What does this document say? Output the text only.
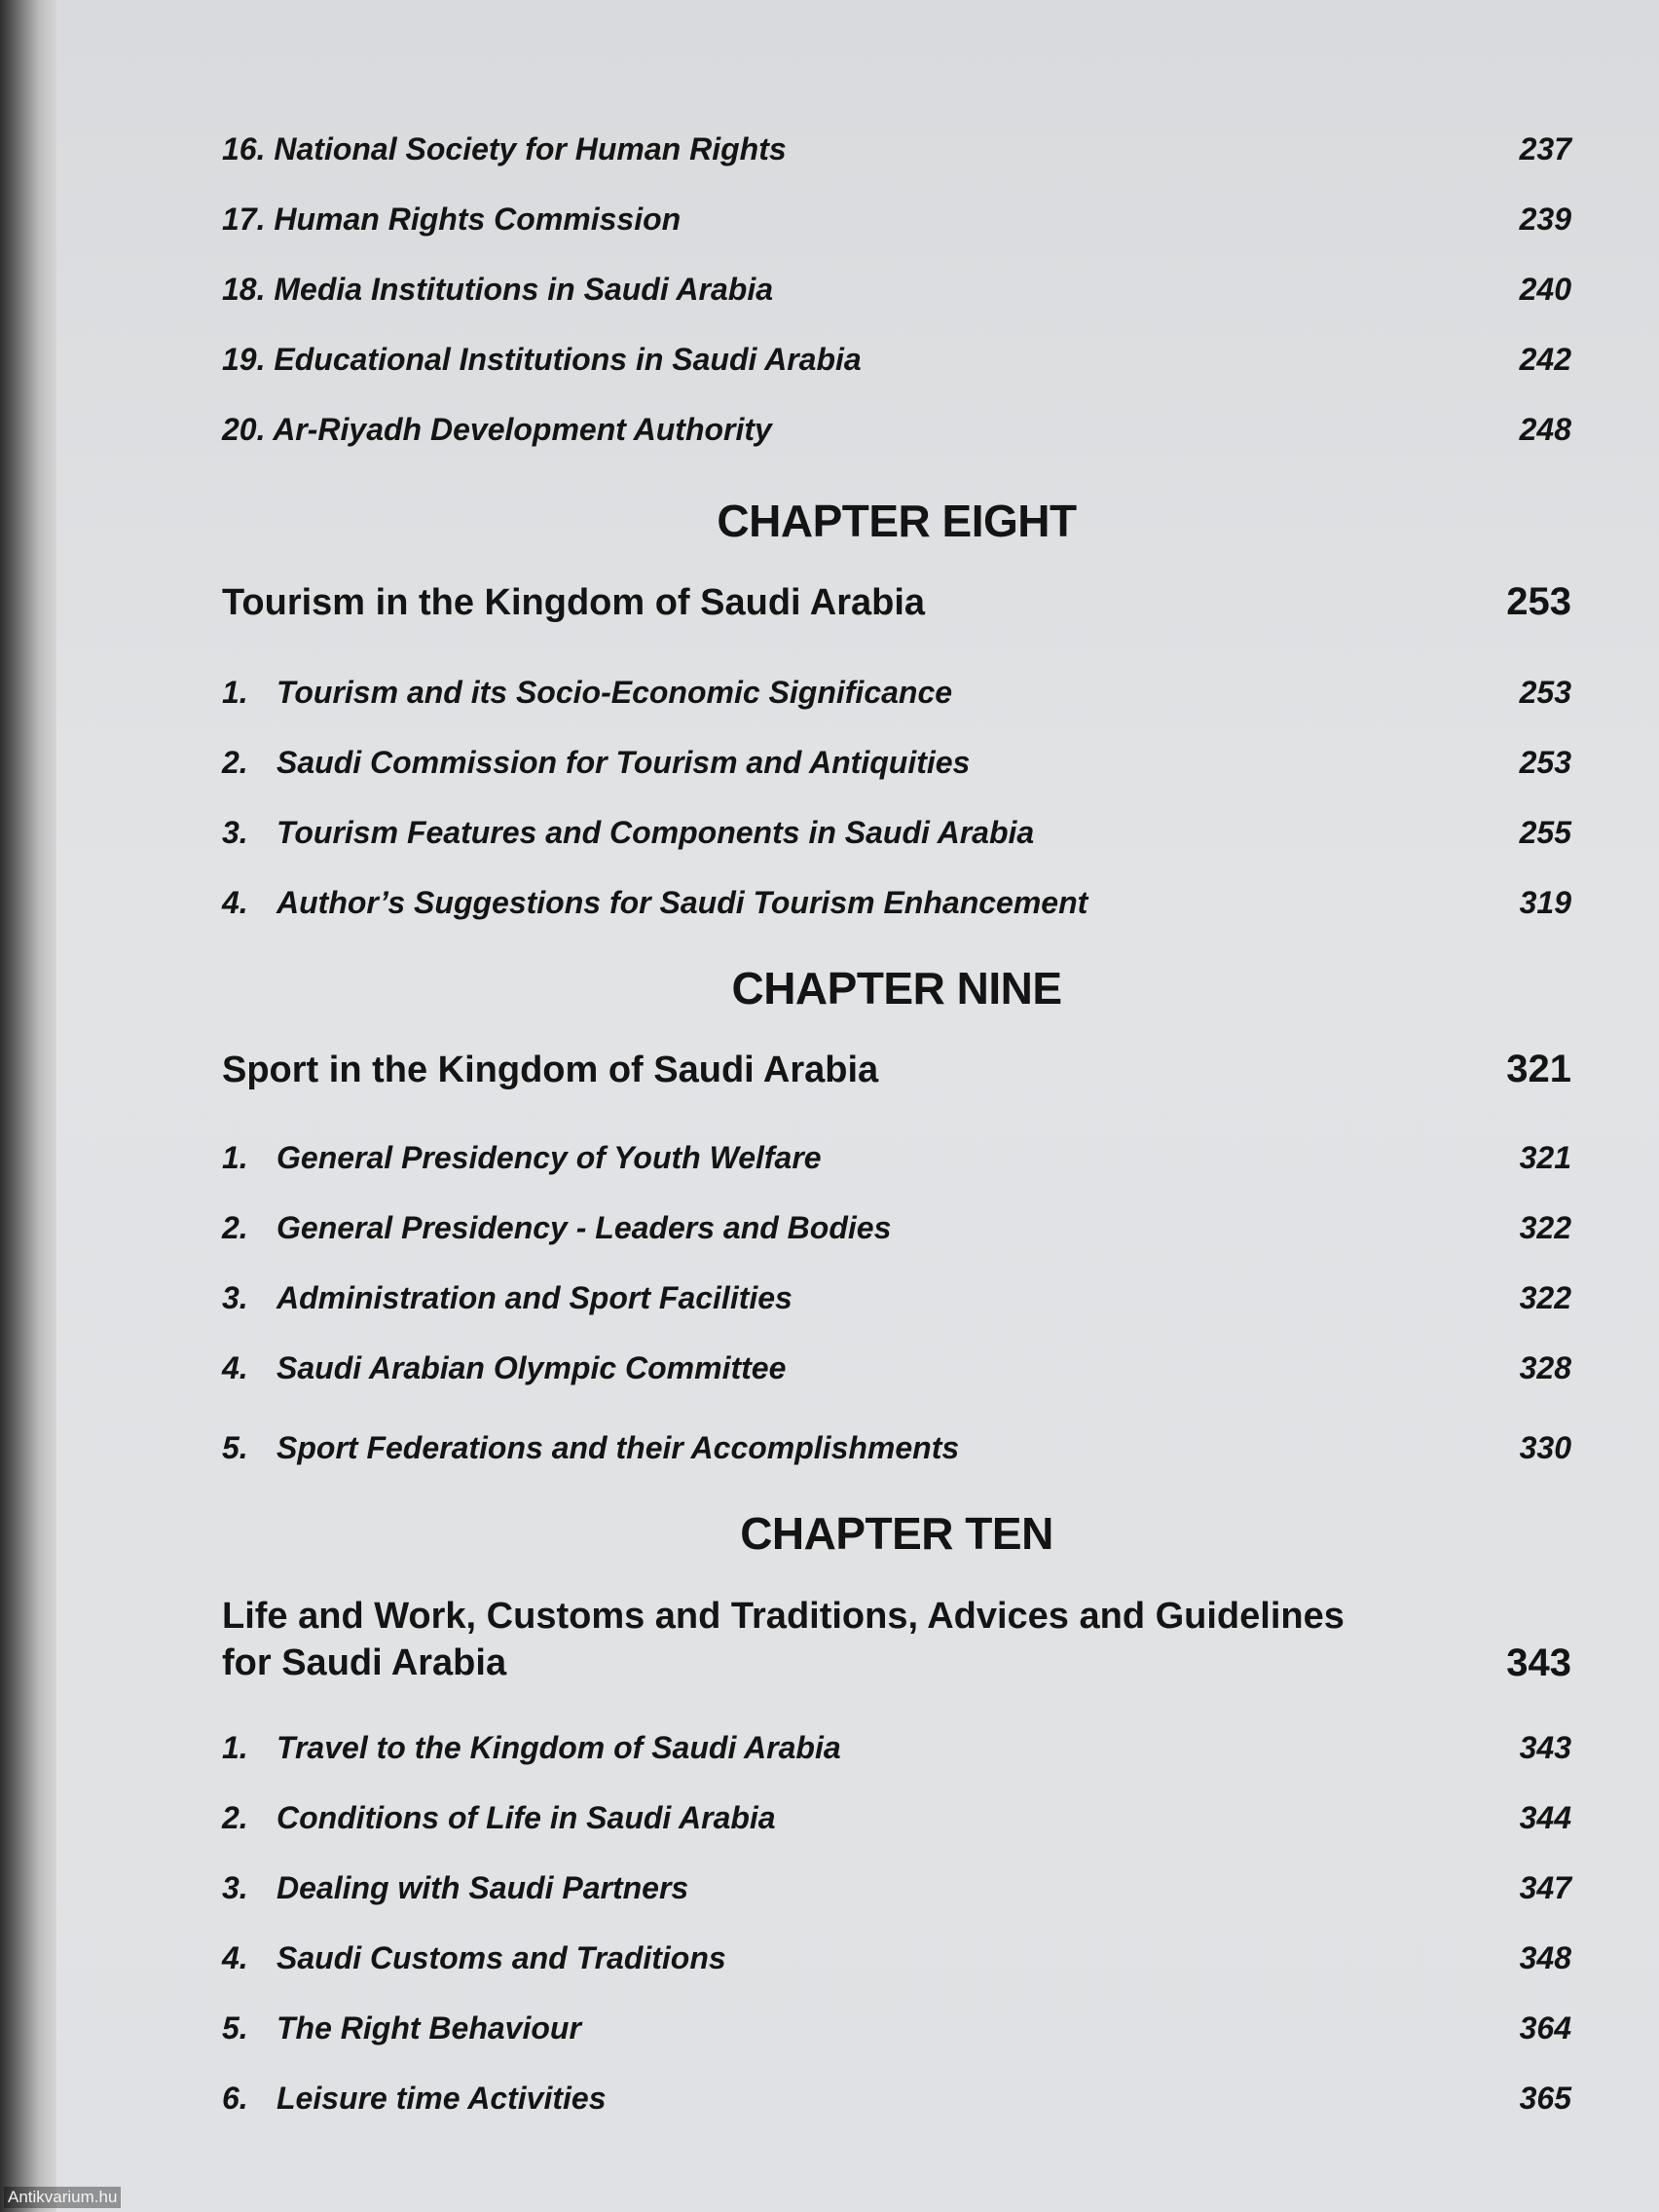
16. National Society for Human Rights	237
17. Human Rights Commission	239
18. Media Institutions in Saudi Arabia	240
19. Educational Institutions in Saudi Arabia	242
20. Ar-Riyadh Development Authority	248
CHAPTER EIGHT
Tourism in the Kingdom of Saudi Arabia	253
1. Tourism and its Socio-Economic Significance	253
2. Saudi Commission for Tourism and Antiquities	253
3. Tourism Features and Components in Saudi Arabia	255
4. Author’s Suggestions for Saudi Tourism Enhancement	319
CHAPTER NINE
Sport in the Kingdom of Saudi Arabia	321
1. General Presidency of Youth Welfare	321
2. General Presidency - Leaders and Bodies	322
3. Administration and Sport Facilities	322
4. Saudi Arabian Olympic Committee	328
5. Sport Federations and their Accomplishments	330
CHAPTER TEN
Life and Work, Customs and Traditions, Advices and Guidelines
for Saudi Arabia	343
1. Travel to the Kingdom of Saudi Arabia	343
2. Conditions of Life in Saudi Arabia	344
3. Dealing with Saudi Partners	347
4. Saudi Customs and Traditions	348
5. The Right Behaviour	364
6. Leisure time Activities	365
Antikvarium.hu
